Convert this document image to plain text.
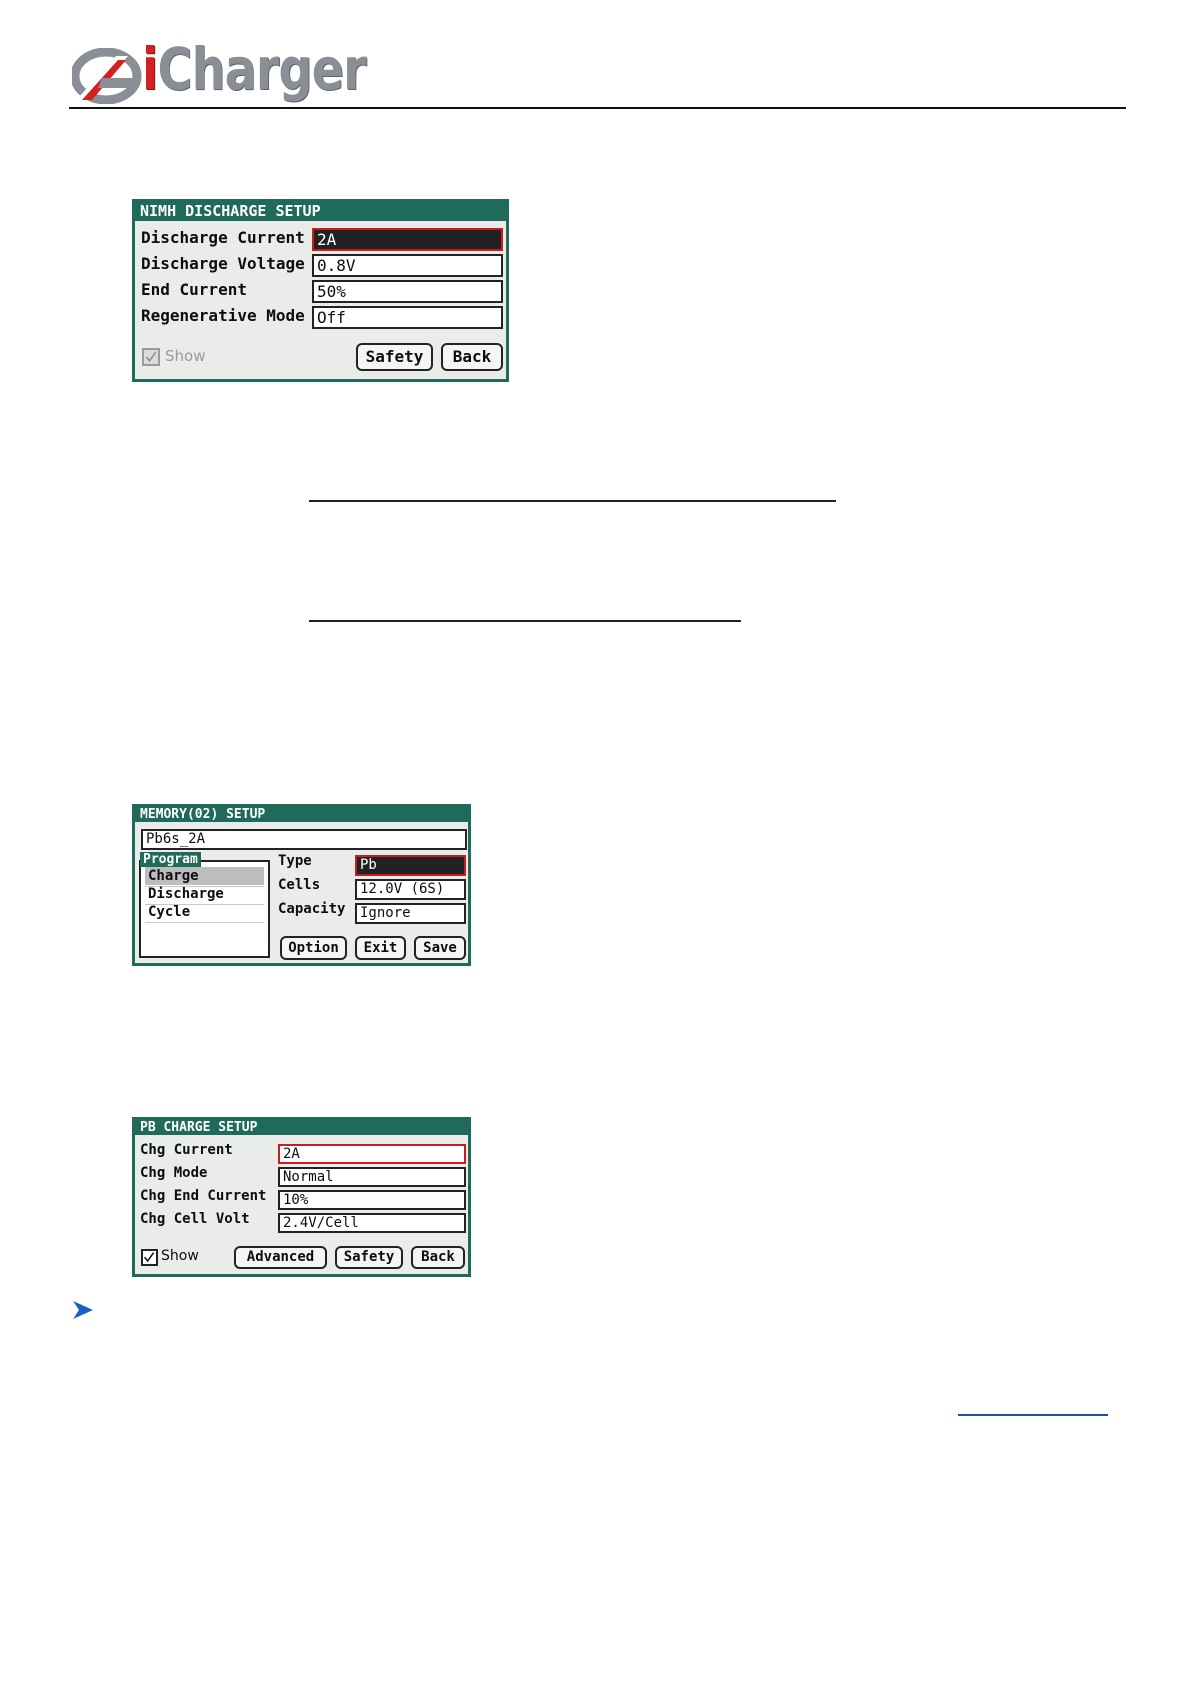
iCharger
NIMH DISCHARGE SETUP
Discharge Current 2A
Discharge Voltage 0.8V
End Current	50%
Regenerative Mode Off
Show	Safety	Back
MEMORY(02) SETUP
Pb6s_2A
Charge
Discharge
Cycle
Program	Type	Pb
Cells	12.0V (6S)
Capacity	Ignore
Option	Exit	Save
PB CHARGE SETUP
Chg Current	2A
Chg Mode	Normal
Chg End Current	10%
Chg Cell Volt	2.4V/Cell
Show	Advanced	Safety	Back
